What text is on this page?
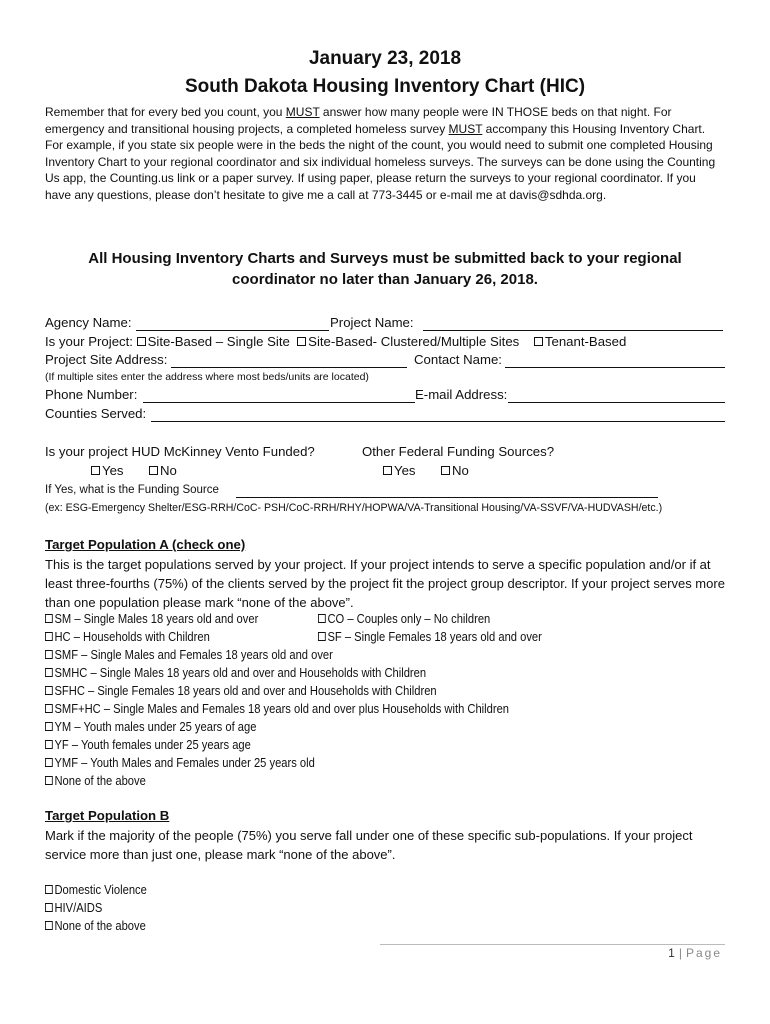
January 23, 2018
South Dakota Housing Inventory Chart (HIC)
Remember that for every bed you count, you MUST answer how many people were IN THOSE beds on that night. For emergency and transitional housing projects, a completed homeless survey MUST accompany this Housing Inventory Chart. For example, if you state six people were in the beds the night of the count, you would need to submit one completed Housing Inventory Chart to your regional coordinator and six individual homeless surveys. The surveys can be done using the Counting Us app, the Counting.us link or a paper survey. If using paper, please return the surveys to your regional coordinator. If you have any questions, please don’t hesitate to give me a call at 773-3445 or e-mail me at davis@sdhda.org.
All Housing Inventory Charts and Surveys must be submitted back to your regional
coordinator no later than January 26, 2018.
Agency Name:	Project Name:
Is your Project: Site-Based – Single Site Site-Based- Clustered/Multiple Sites Tenant-Based
Project Site Address:	Contact Name:
(If multiple sites enter the address where most beds/units are located)
Phone Number:	E-mail Address:
Counties Served:
Is your project HUD McKinney Vento Funded?	Other Federal Funding Sources?
Yes	No	Yes	No
If Yes, what is the Funding Source
(ex: ESG-Emergency Shelter/ESG-RRH/CoC- PSH/CoC-RRH/RHY/HOPWA/VA-Transitional Housing/VA-SSVF/VA-HUDVASH/etc.)
Target Population A (check one)
This is the target populations served by your project. If your project intends to serve a specific population and/or if at least three-fourths (75%) of the clients served by the project fit the project group descriptor. If your project serves more than one population please mark “none of the above”.
SM – Single Males 18 years old and over	CO – Couples only – No children
HC – Households with Children	SF – Single Females 18 years old and over
SMF – Single Males and Females 18 years old and over
SMHC – Single Males 18 years old and over and Households with Children
SFHC – Single Females 18 years old and over and Households with Children
SMF+HC – Single Males and Females 18 years old and over plus Households with Children
YM – Youth males under 25 years of age
YF – Youth females under 25 years age
YMF – Youth Males and Females under 25 years old
None of the above
Target Population B
Mark if the majority of the people (75%) you serve fall under one of these specific sub-populations. If your project service more than just one, please mark “none of the above”.
Domestic Violence
HIV/AIDS
None of the above
1 | Page
